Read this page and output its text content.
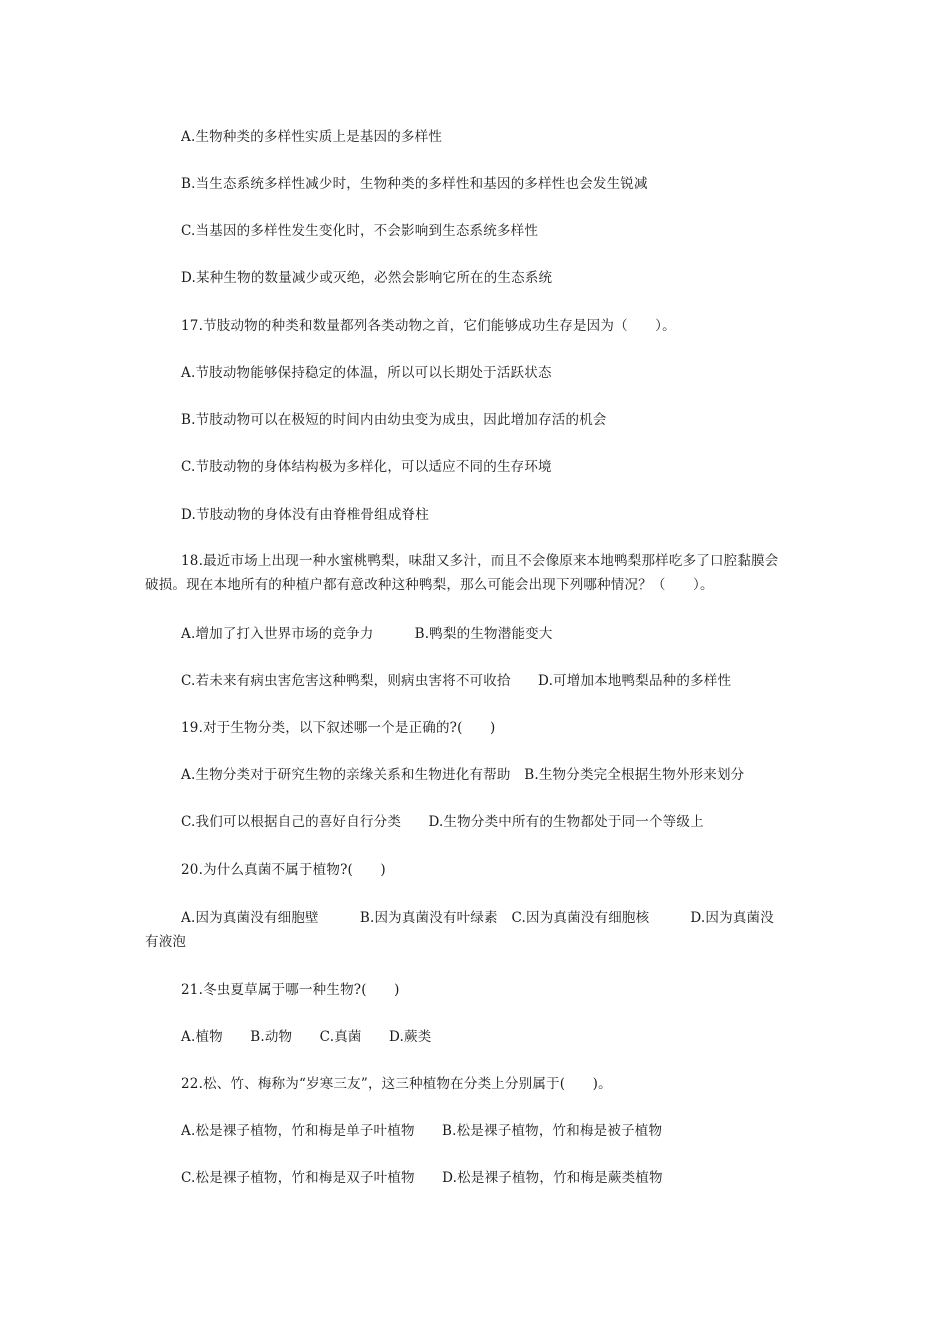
A.生物种类的多样性实质上是基因的多样性
B.当生态系统多样性减少时，生物种类的多样性和基因的多样性也会发生锐减
C.当基因的多样性发生变化时，不会影响到生态系统多样性
D.某种生物的数量减少或灭绝，必然会影响它所在的生态系统
17.节肢动物的种类和数量都列各类动物之首，它们能够成功生存是因为（　　）。
A.节肢动物能够保持稳定的体温，所以可以长期处于活跃状态
B.节肢动物可以在极短的时间内由幼虫变为成虫，因此增加存活的机会
C.节肢动物的身体结构极为多样化，可以适应不同的生存环境
D.节肢动物的身体没有由脊椎骨组成脊柱
18.最近市场上出现一种水蜜桃鸭梨，味甜又多汁，而且不会像原来本地鸭梨那样吃多了口腔黏膜会
破损。现在本地所有的种植户都有意改种这种鸭梨，那么可能会出现下列哪种情况？（　　）。
A.增加了打入世界市场的竞争力　　　B.鸭梨的生物潜能变大
C.若未来有病虫害危害这种鸭梨，则病虫害将不可收拾　　D.可增加本地鸭梨品种的多样性
19.对于生物分类，以下叙述哪一个是正确的?(　　)
A.生物分类对于研究生物的亲缘关系和生物进化有帮助　B.生物分类完全根据生物外形来划分
C.我们可以根据自己的喜好自行分类　　D.生物分类中所有的生物都处于同一个等级上
20.为什么真菌不属于植物?(　　)
A.因为真菌没有细胞壁　　　B.因为真菌没有叶绿素　C.因为真菌没有细胞核　　　D.因为真菌没
有液泡
21.冬虫夏草属于哪一种生物?(　　)
A.植物　　B.动物　　C.真菌　　D.蕨类
22.松、竹、梅称为“岁寒三友”，这三种植物在分类上分别属于(　　)。
A.松是裸子植物，竹和梅是单子叶植物　　B.松是裸子植物，竹和梅是被子植物
C.松是裸子植物，竹和梅是双子叶植物　　D.松是裸子植物，竹和梅是蕨类植物
